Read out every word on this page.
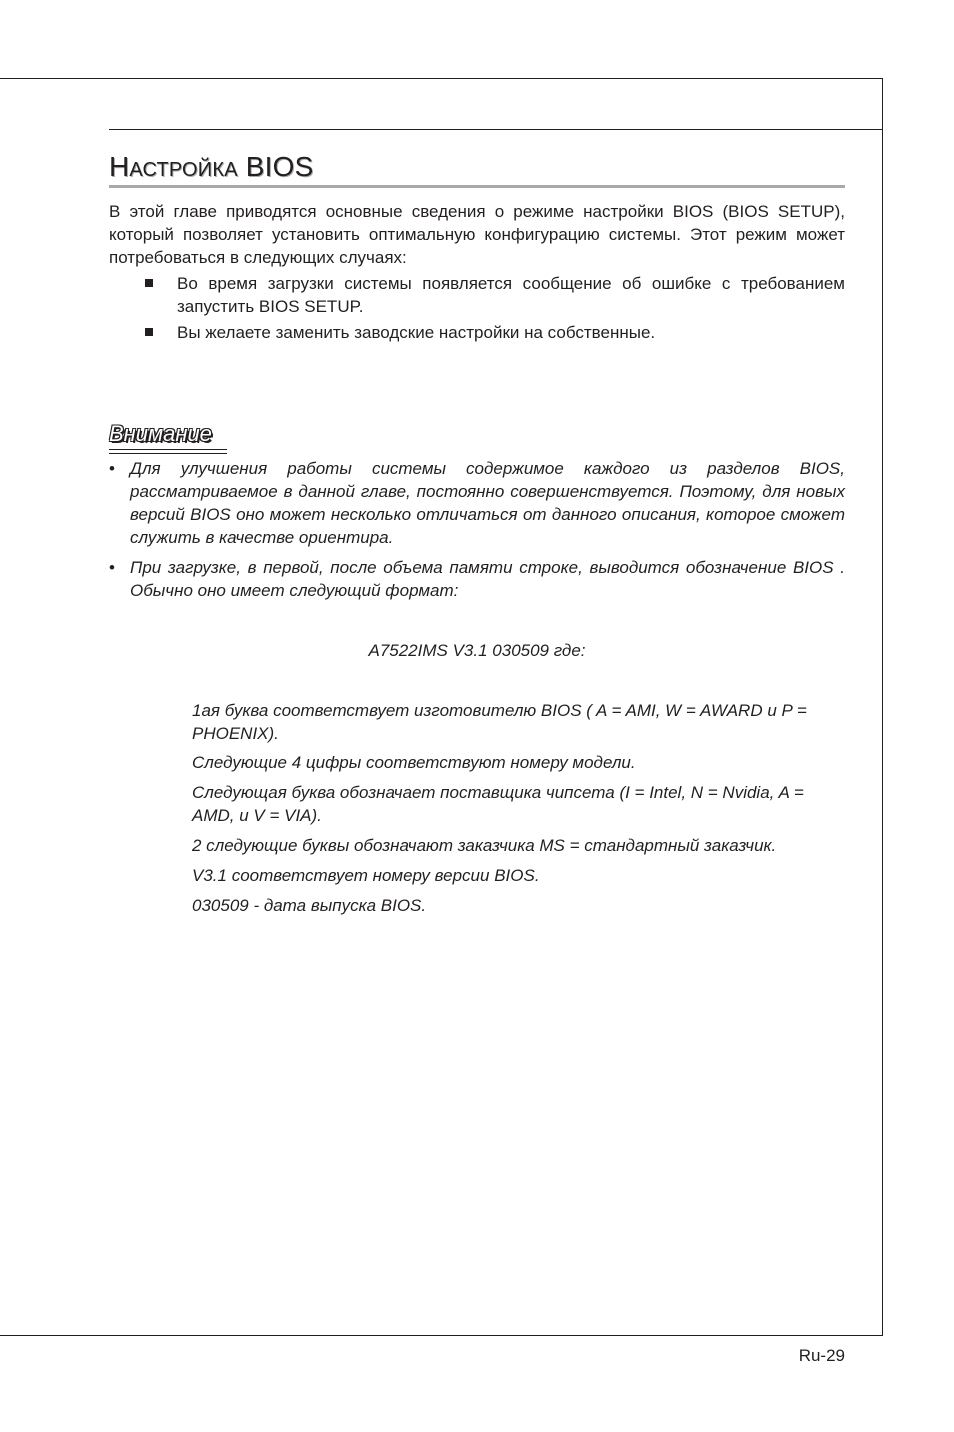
Настройка BIOS
В этой главе приводятся основные сведения о режиме настройки BIOS (BIOS SETUP), который позволяет установить оптимальную конфигурацию системы. Этот режим может потребоваться в следующих случаях:
Во время загрузки системы появляется сообщение об ошибке с требованием запустить BIOS SETUP.
Вы желаете заменить заводские настройки на собственные.
Внимание
• Для улучшения работы системы содержимое каждого из разделов BIOS, рассматриваемое в данной главе, постоянно совершенствуется. Поэтому, для новых версий BIOS оно может несколько отличаться от данного описания, которое сможет служить в качестве ориентира.
• При загрузке, в первой, после объема памяти строке, выводится обозначение BIOS . Обычно оно имеет следующий формат:
A7522IMS V3.1 030509 где:
1ая буква соответствует изготовителю BIOS ( A = AMI, W = AWARD и P = PHOENIX).
Следующие 4 цифры соответствуют номеру модели.
Следующая буква обозначает поставщика чипсета (I = Intel, N = Nvidia, A = AMD, и V = VIA).
2 следующие буквы обозначают заказчика MS = стандартный заказчик.
V3.1 соответствует номеру версии BIOS.
030509 - дата выпуска BIOS.
Ru-29
